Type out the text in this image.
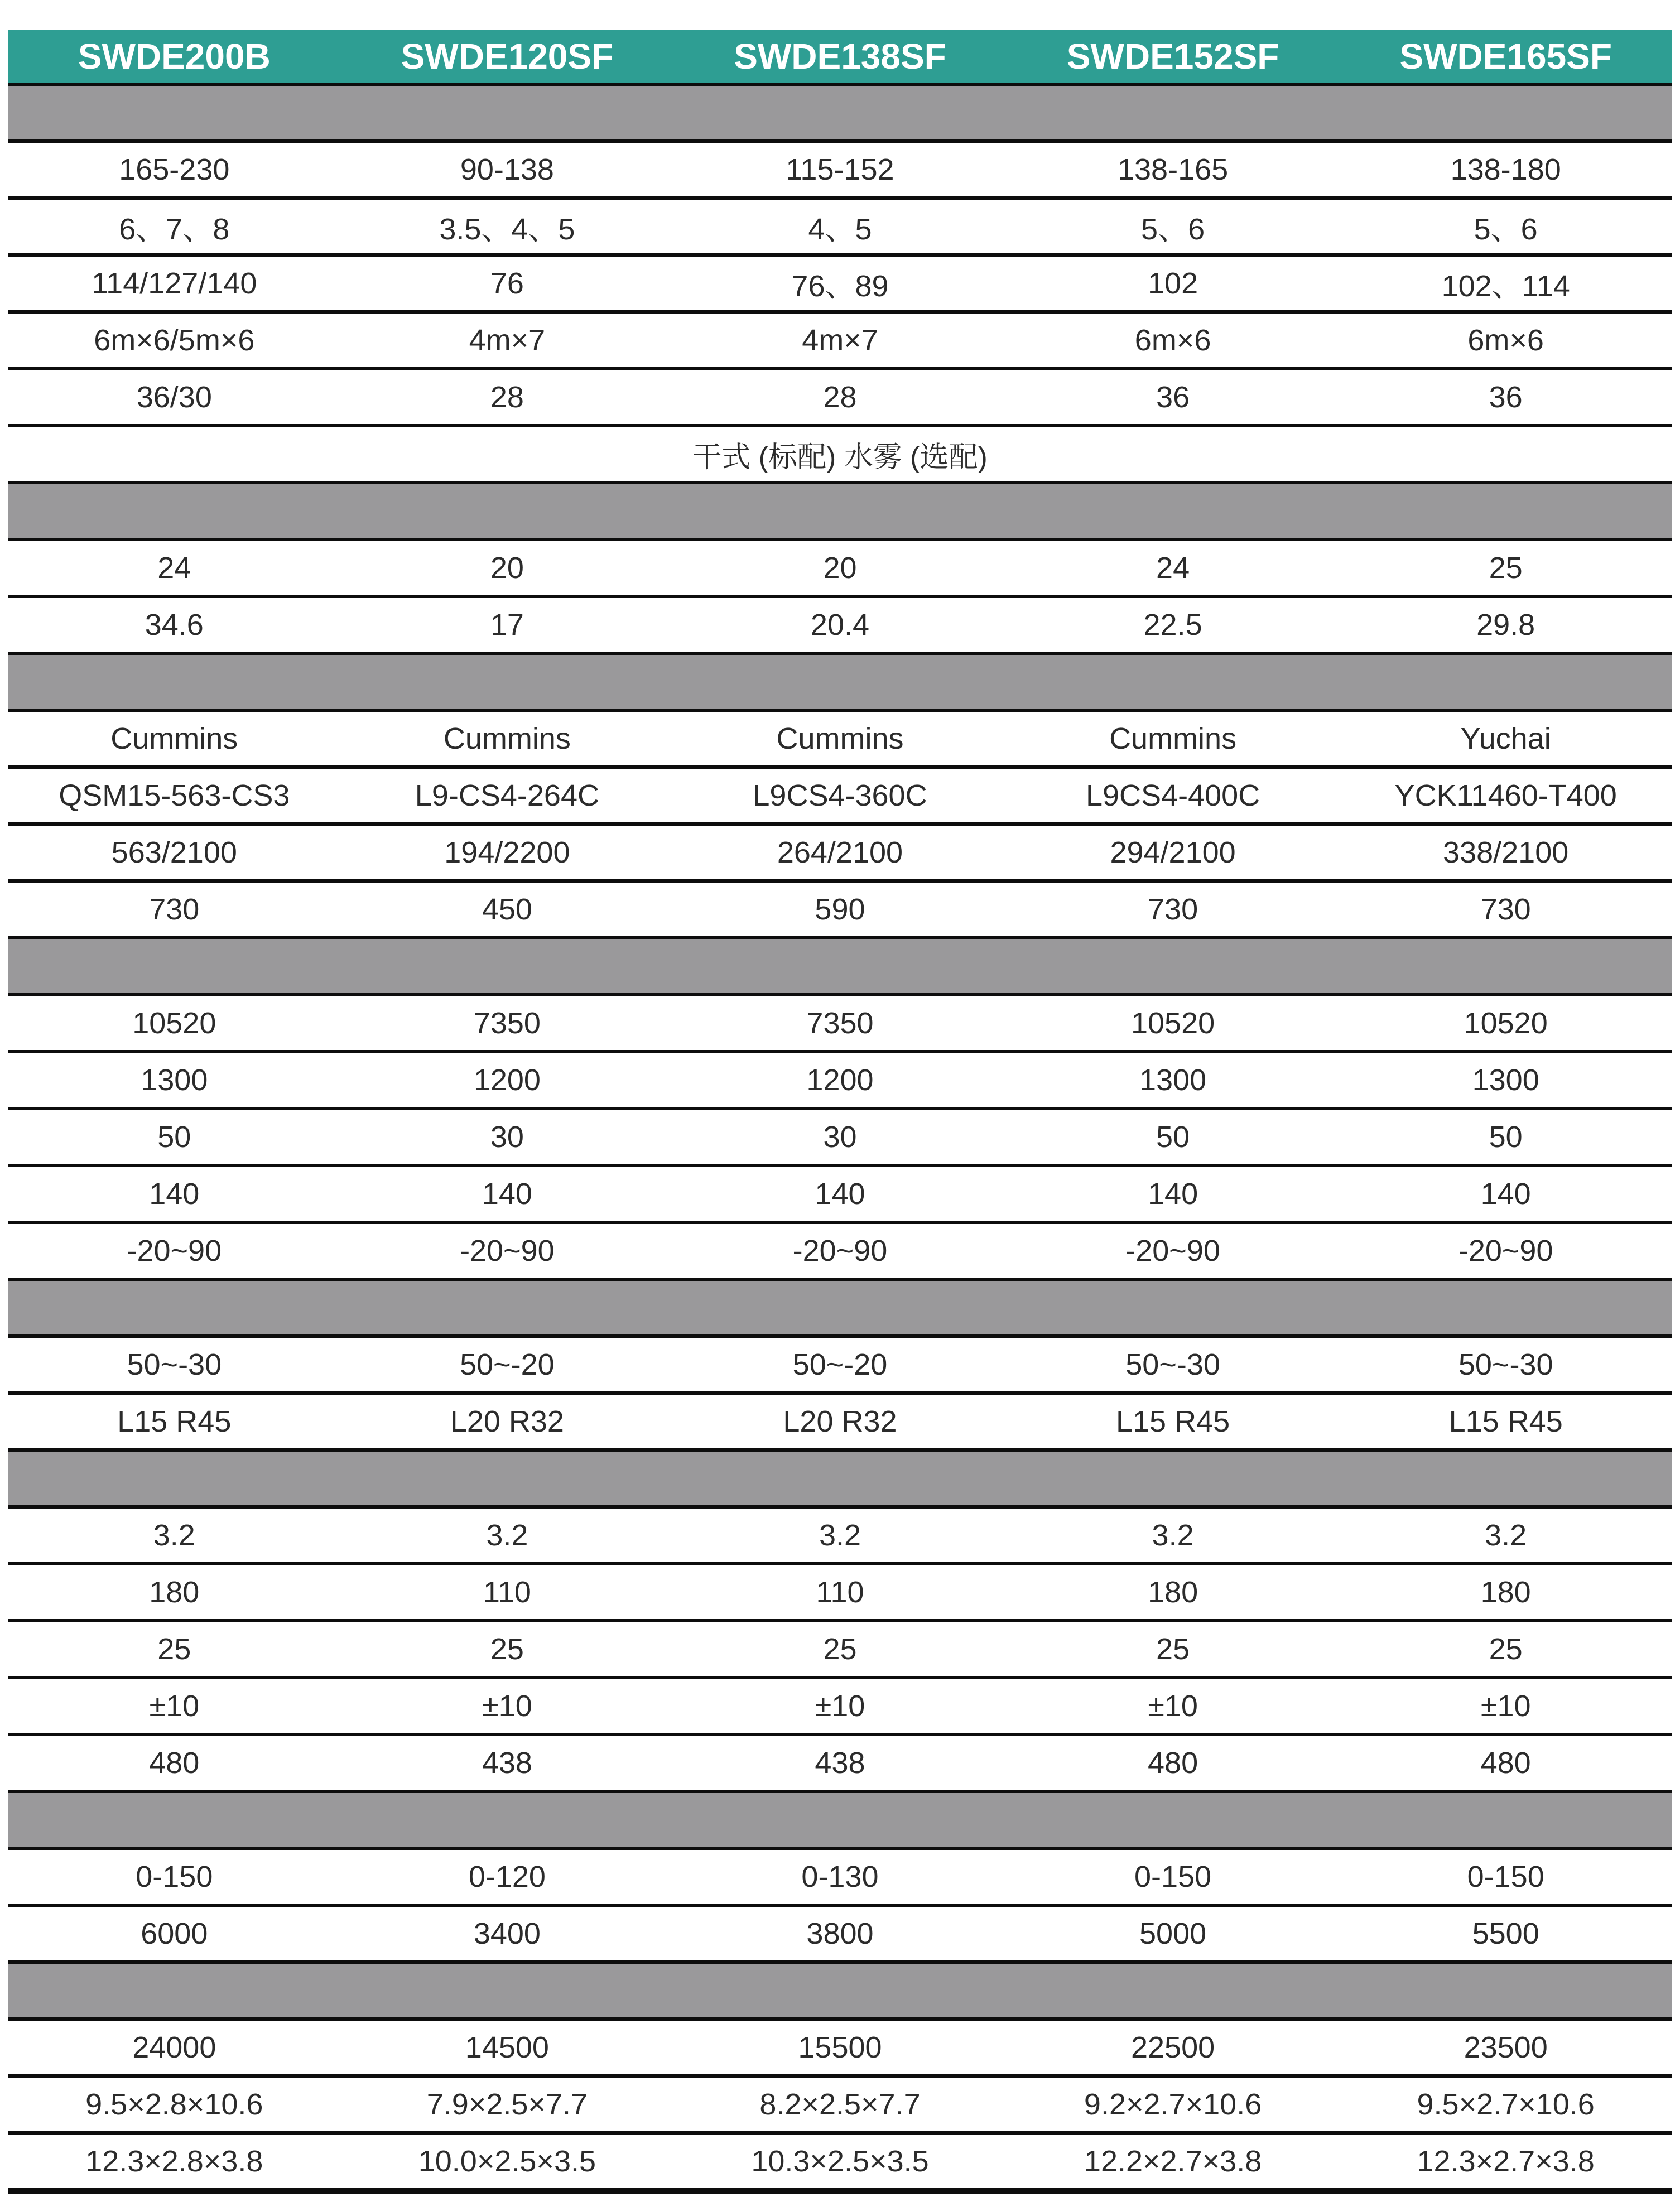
SWDE200B	SWDE120SF	SWDE138SF	SWDE152SF	SWDE165SF
165-230	90-138	115-152	138-165	138-180
6、7、8	3.5、4、5	4、5	5、6	5、6
114/127/140	76	76、89	102	102、114
6m×6/5m×6	4m×7	4m×7	6m×6	6m×6
36/30	28	28	36	36
干式 (标配) 水雾 (选配)
24	20	20	24	25
34.6	17	20.4	22.5	29.8
Cummins	Cummins	Cummins	Cummins	Yuchai
QSM15-563-CS3	L9-CS4-264C	L9CS4-360C	L9CS4-400C	YCK11460-T400
563/2100	194/2200	264/2100	294/2100	338/2100
730	450	590	730	730
10520	7350	7350	10520	10520
1300	1200	1200	1300	1300
50	30	30	50	50
140	140	140	140	140
-20~90	-20~90	-20~90	-20~90	-20~90
50~-30	50~-20	50~-20	50~-30	50~-30
L15 R45	L20 R32	L20 R32	L15 R45	L15 R45
3.2	3.2	3.2	3.2	3.2
180	110	110	180	180
25	25	25	25	25
±10	±10	±10	±10	±10
480	438	438	480	480
0-150	0-120	0-130	0-150	0-150
6000	3400	3800	5000	5500
24000	14500	15500	22500	23500
9.5×2.8×10.6	7.9×2.5×7.7	8.2×2.5×7.7	9.2×2.7×10.6	9.5×2.7×10.6
12.3×2.8×3.8	10.0×2.5×3.5	10.3×2.5×3.5	12.2×2.7×3.8	12.3×2.7×3.8
